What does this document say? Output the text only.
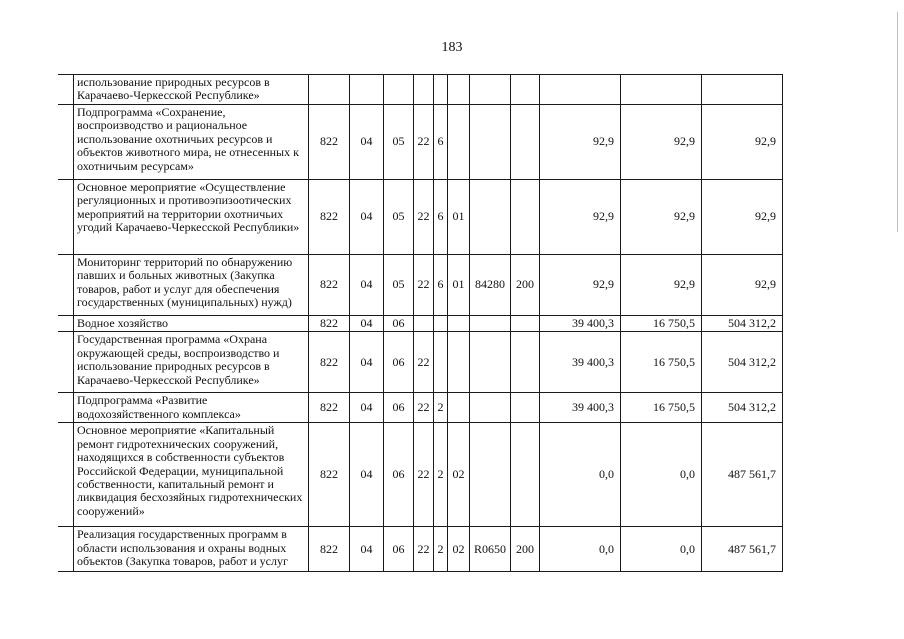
183
	использование природных ресурсов в Карачаево-Черкесской Республике»											
	Подпрограмма «Сохранение, воспроизводство и рациональное использование охотничьих ресурсов и объектов животного мира, не отнесенных к охотничьим ресурсам»	822	04	05	22	6				92,9	92,9	92,9
	Основное мероприятие «Осуществление регуляционных и противоэпизоотических мероприятий на территории охотничьих угодий Карачаево-Черкесской Республики»	822	04	05	22	6	01			92,9	92,9	92,9
	Мониторинг территорий по обнаружению павших и больных животных (Закупка товаров, работ и услуг для обеспечения государственных (муниципальных) нужд)	822	04	05	22	6	01	84280	200	92,9	92,9	92,9
	Водное хозяйство	822	04	06						39 400,3	16 750,5	504 312,2
	Государственная программа «Охрана окружающей среды, воспроизводство и использование природных ресурсов в Карачаево-Черкесской Республике»	822	04	06	22					39 400,3	16 750,5	504 312,2
	Подпрограмма «Развитие водохозяйственного комплекса»	822	04	06	22	2				39 400,3	16 750,5	504 312,2
	Основное мероприятие «Капитальный ремонт гидротехнических сооружений, находящихся в собственности субъектов Российской Федерации, муниципальной собственности, капитальный ремонт и ликвидация бесхозяйных гидротехнических сооружений»	822	04	06	22	2	02			0,0	0,0	487 561,7
	Реализация государственных программ в области использования и охраны водных объектов (Закупка товаров, работ и услуг	822	04	06	22	2	02	R0650	200	0,0	0,0	487 561,7
